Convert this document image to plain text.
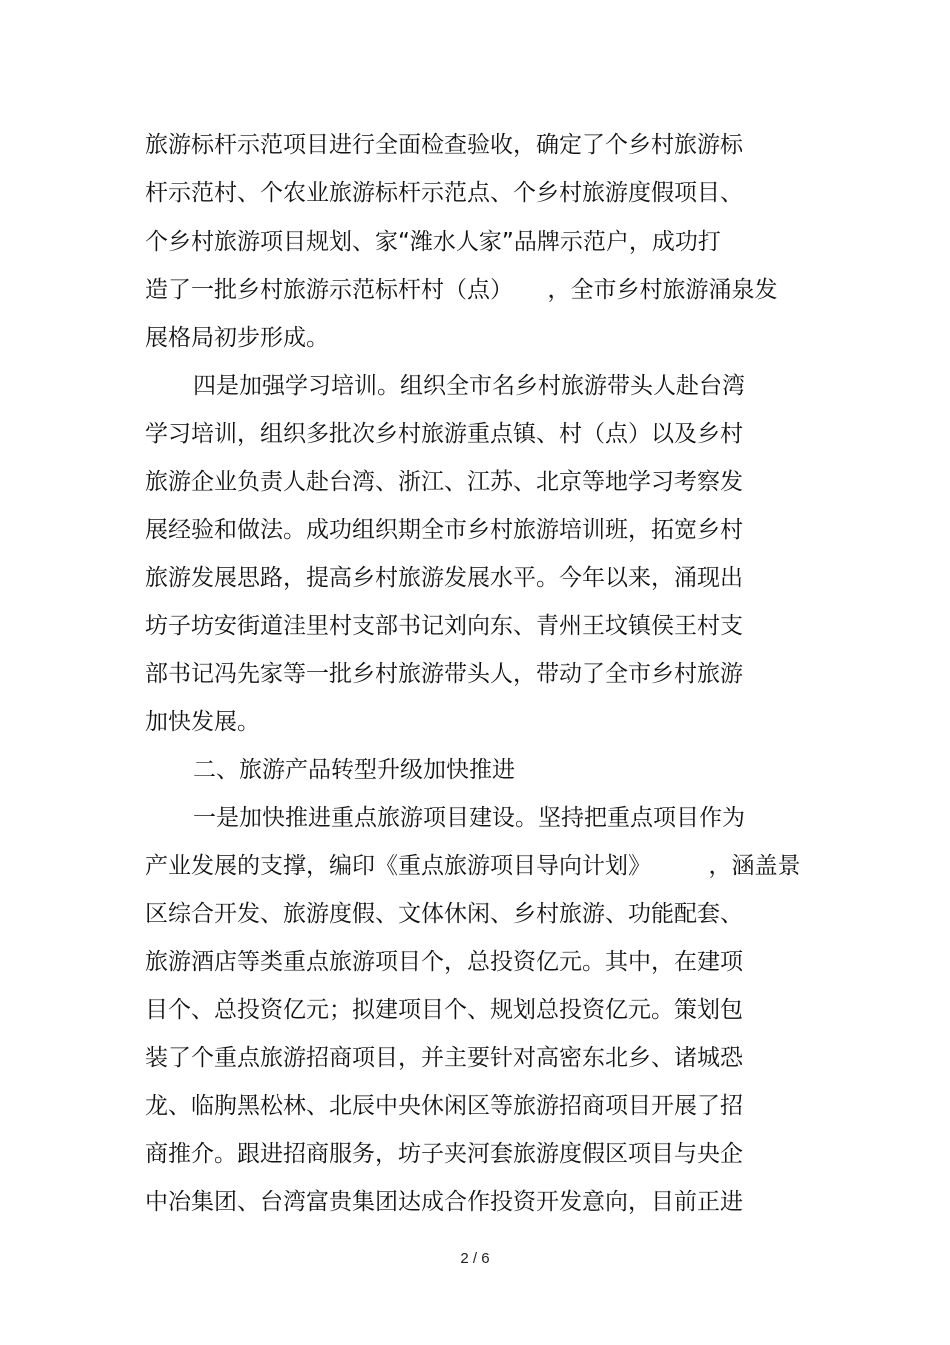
旅游标杆示范项目进行全面检查验收，确定了个乡村旅游标
杆示范村、个农业旅游标杆示范点、个乡村旅游度假项目、
个乡村旅游项目规划、家“潍水人家”品牌示范户，成功打
造了一批乡村旅游示范标杆村（点）　　，全市乡村旅游涌泉发
展格局初步形成。
四是加强学习培训。组织全市名乡村旅游带头人赴台湾
学习培训，组织多批次乡村旅游重点镇、村（点）以及乡村
旅游企业负责人赴台湾、浙江、江苏、北京等地学习考察发
展经验和做法。成功组织期全市乡村旅游培训班，拓宽乡村
旅游发展思路，提高乡村旅游发展水平。今年以来，涌现出
坊子坊安街道洼里村支部书记刘向东、青州王坟镇侯王村支
部书记冯先家等一批乡村旅游带头人，带动了全市乡村旅游
加快发展。
二、旅游产品转型升级加快推进
一是加快推进重点旅游项目建设。坚持把重点项目作为
产业发展的支撑，编印《重点旅游项目导向计划》　　　，涵盖景
区综合开发、旅游度假、文体休闲、乡村旅游、功能配套、
旅游酒店等类重点旅游项目个，总投资亿元。其中，在建项
目个、总投资亿元；拟建项目个、规划总投资亿元。策划包
装了个重点旅游招商项目，并主要针对高密东北乡、诸城恐
龙、临朐黑松林、北辰中央休闲区等旅游招商项目开展了招
商推介。跟进招商服务，坊子夹河套旅游度假区项目与央企
中冶集团、台湾富贵集团达成合作投资开发意向，目前正进
2 / 6
